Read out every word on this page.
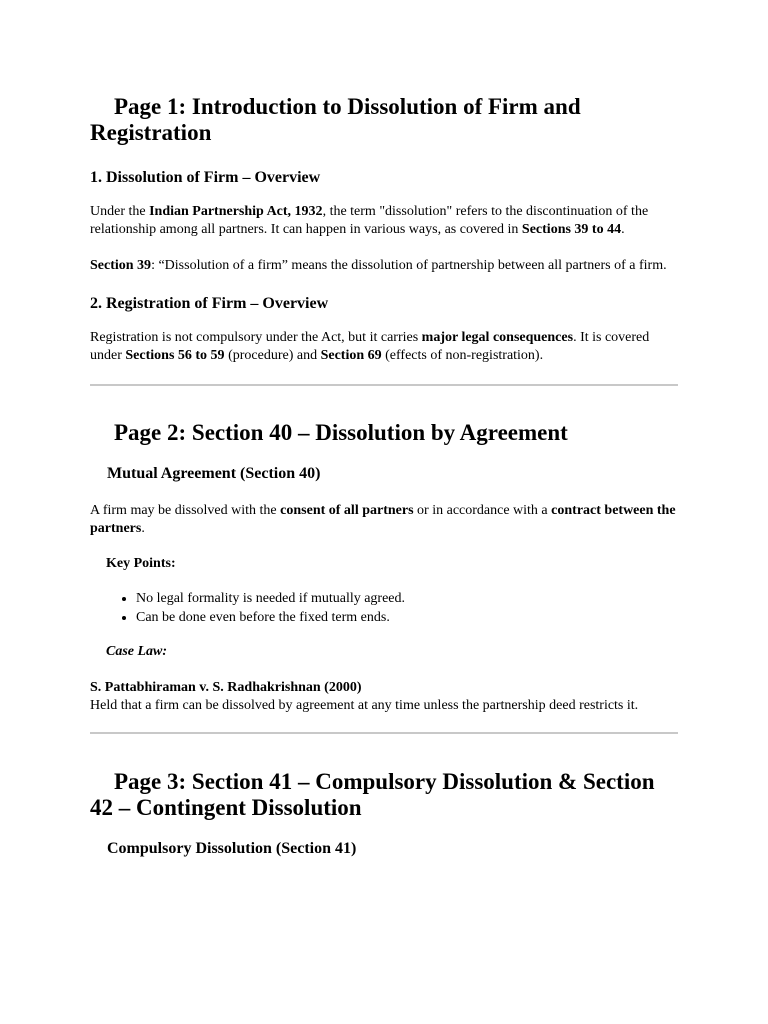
Page 1: Introduction to Dissolution of Firm and Registration
1. Dissolution of Firm – Overview

Under the Indian Partnership Act, 1932, the term "dissolution" refers to the discontinuation of the relationship among all partners. It can happen in various ways, as covered in Sections 39 to 44.

Section 39: “Dissolution of a firm” means the dissolution of partnership between all partners of a firm.

2. Registration of Firm – Overview

Registration is not compulsory under the Act, but it carries major legal consequences. It is covered under Sections 56 to 59 (procedure) and Section 69 (effects of non-registration).

Page 2: Section 40 – Dissolution by Agreement
Mutual Agreement (Section 40)

A firm may be dissolved with the consent of all partners or in accordance with a contract between the partners.

Key Points:
• No legal formality is needed if mutually agreed.
• Can be done even before the fixed term ends.
Case Law:

S. Pattabhiraman v. S. Radhakrishnan (2000)

Held that a firm can be dissolved by agreement at any time unless the partnership deed restricts it.

Page 3: Section 41 – Compulsory Dissolution & Section 42 – Contingent Dissolution
Compulsory Dissolution (Section 41)
